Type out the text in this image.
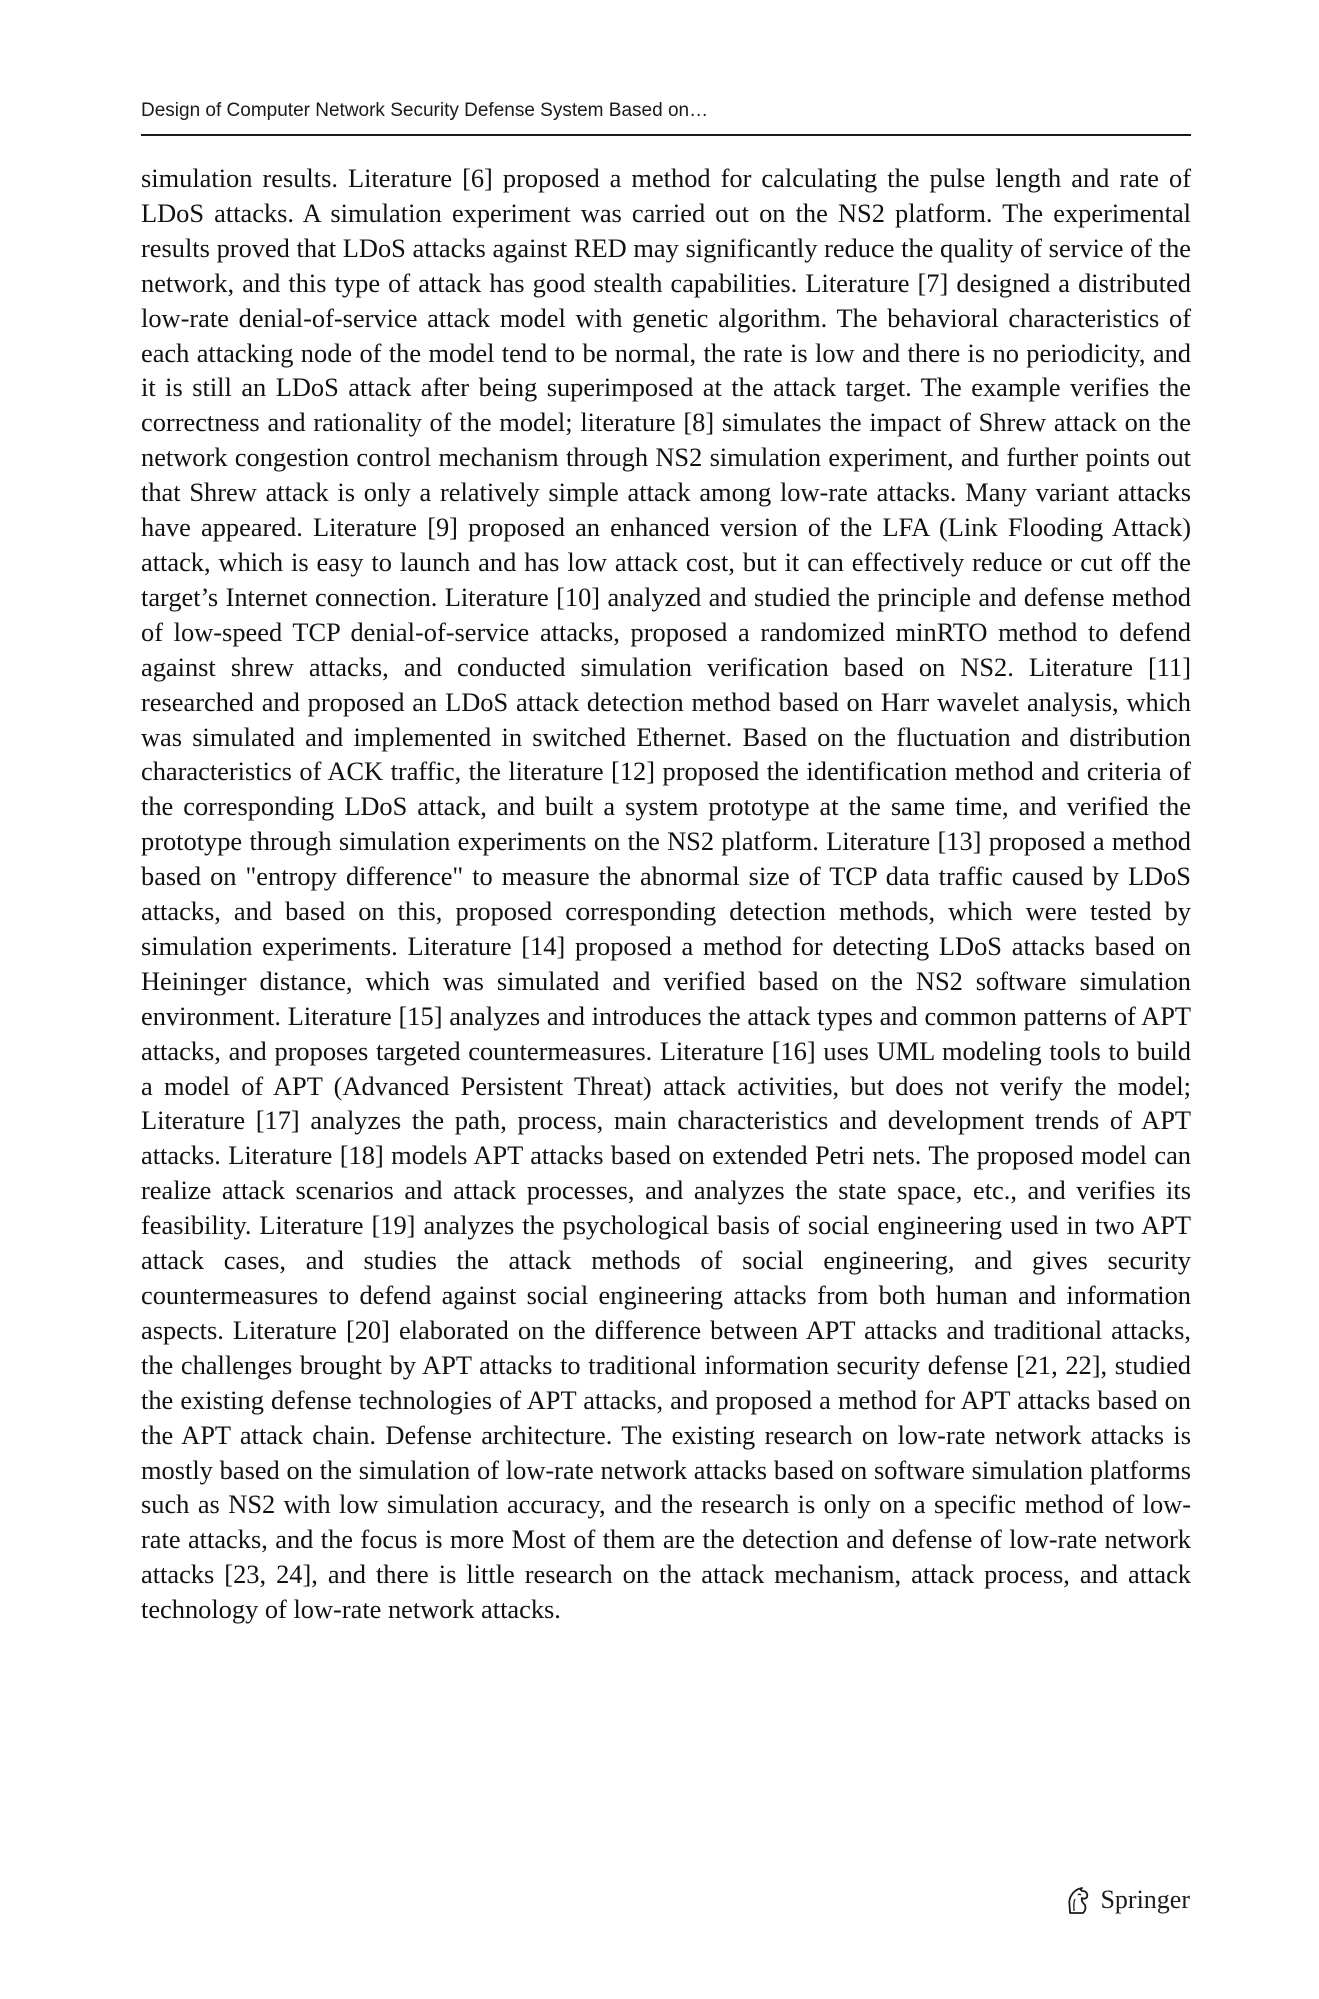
Design of Computer Network Security Defense System Based on…

simulation results. Literature [6] proposed a method for calculating the pulse length and rate of LDoS attacks. A simulation experiment was carried out on the NS2 platform. The experimental results proved that LDoS attacks against RED may significantly reduce the quality of service of the network, and this type of attack has good stealth capabilities. Literature [7] designed a distributed low-rate denial-of-service attack model with genetic algorithm. The behavioral characteristics of each attacking node of the model tend to be normal, the rate is low and there is no periodicity, and it is still an LDoS attack after being superimposed at the attack target. The example verifies the correctness and rationality of the model; literature [8] simulates the impact of Shrew attack on the network congestion control mechanism through NS2 simulation experiment, and further points out that Shrew attack is only a relatively simple attack among low-rate attacks. Many variant attacks have appeared. Literature [9] proposed an enhanced version of the LFA (Link Flooding Attack) attack, which is easy to launch and has low attack cost, but it can effectively reduce or cut off the target’s Internet connection. Literature [10] analyzed and studied the principle and defense method of low-speed TCP denial-of-service attacks, proposed a randomized minRTO method to defend against shrew attacks, and conducted simulation verification based on NS2. Literature [11] researched and proposed an LDoS attack detection method based on Harr wavelet analysis, which was simulated and implemented in switched Ethernet. Based on the fluctuation and distribution characteristics of ACK traffic, the literature [12] proposed the identification method and criteria of the corresponding LDoS attack, and built a system prototype at the same time, and verified the prototype through simulation experiments on the NS2 platform. Literature [13] proposed a method based on "entropy difference" to measure the abnormal size of TCP data traffic caused by LDoS attacks, and based on this, proposed corresponding detection methods, which were tested by simulation experiments. Literature [14] proposed a method for detecting LDoS attacks based on Heininger distance, which was simulated and verified based on the NS2 software simulation environment. Literature [15] analyzes and introduces the attack types and common patterns of APT attacks, and proposes targeted countermeasures. Literature [16] uses UML modeling tools to build a model of APT (Advanced Persistent Threat) attack activities, but does not verify the model; Literature [17] analyzes the path, process, main characteristics and development trends of APT attacks. Literature [18] models APT attacks based on extended Petri nets. The proposed model can realize attack scenarios and attack processes, and analyzes the state space, etc., and verifies its feasibility. Literature [19] analyzes the psychological basis of social engineering used in two APT attack cases, and studies the attack methods of social engineering, and gives security countermeasures to defend against social engineering attacks from both human and information aspects. Literature [20] elaborated on the difference between APT attacks and traditional attacks, the challenges brought by APT attacks to traditional information security defense [21, 22], studied the existing defense technologies of APT attacks, and proposed a method for APT attacks based on the APT attack chain. Defense architecture. The existing research on low-rate network attacks is mostly based on the simulation of low-rate network attacks based on software simulation platforms such as NS2 with low simulation accuracy, and the research is only on a specific method of low-rate attacks, and the focus is more Most of them are the detection and defense of low-rate network attacks [23, 24], and there is little research on the attack mechanism, attack process, and attack technology of low-rate network attacks.

Springer
